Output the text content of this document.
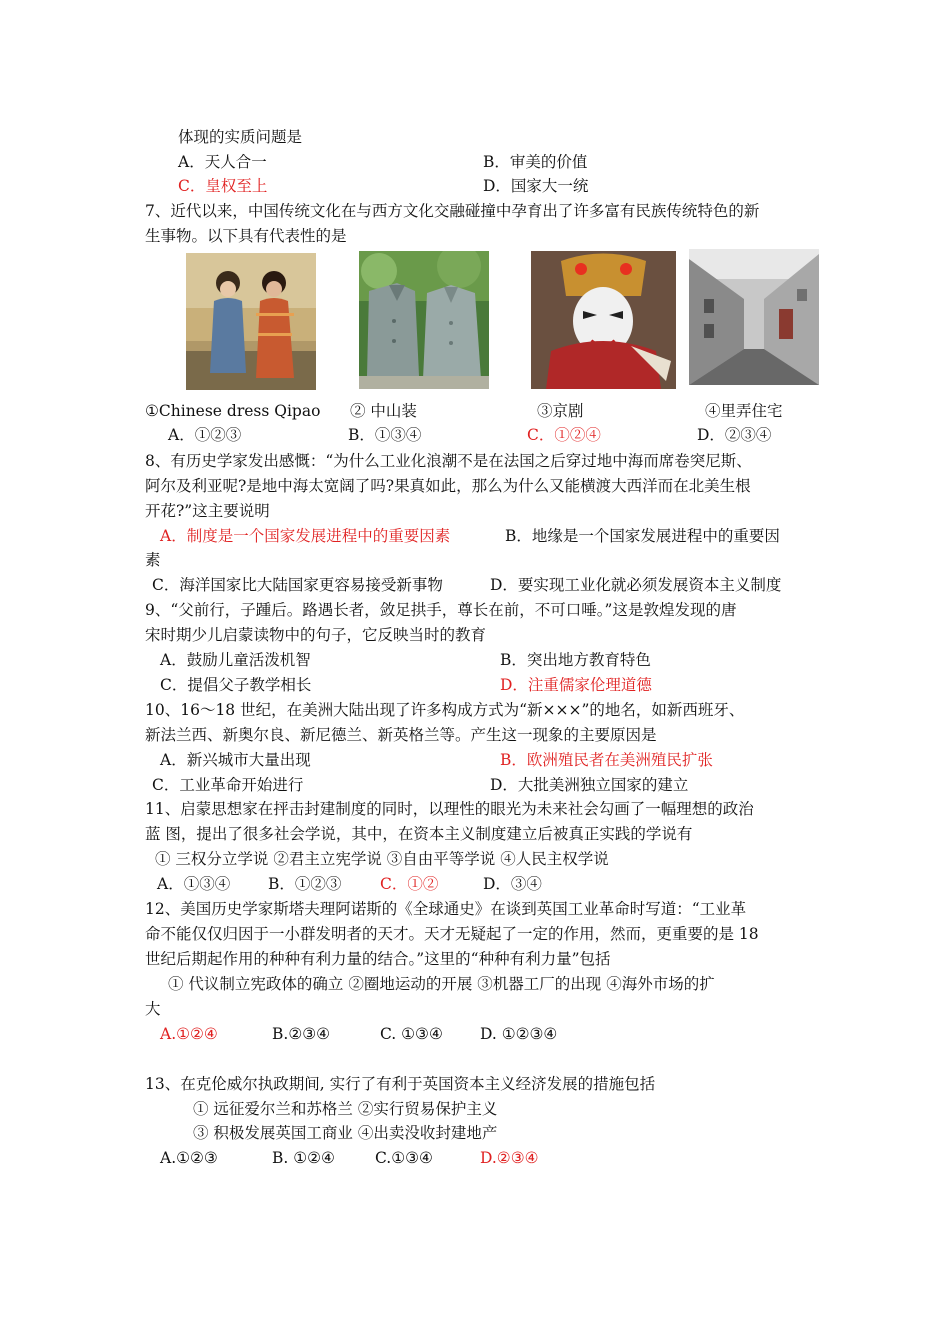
体现的实质问题是
A．天人合一	B．审美的价值
C．皇权至上	D．国家大一统
7、近代以来，中国传统文化在与西方文化交融碰撞中孕育出了许多富有民族传统特色的新
生事物。以下具有代表性的是
①Chinese dress Qipao ② 中山装	③京剧	④里弄住宅
A．①②③	B．①③④	C．①②④	D．②③④
8、有历史学家发出感慨：“为什么工业化浪潮不是在法国之后穿过地中海而席卷突尼斯、
阿尔及利亚呢?是地中海太宽阔了吗?果真如此，那么为什么又能横渡大西洋而在北美生根
开花?”这主要说明
A．制度是一个国家发展进程中的重要因素	B．地缘是一个国家发展进程中的重要因
素
C．海洋国家比大陆国家更容易接受新事物	D．要实现工业化就必须发展资本主义制度
9、“父前行，子踵后。路遇长者，敛足拱手，尊长在前，不可口唾。”这是敦煌发现的唐
宋时期少儿启蒙读物中的句子，它反映当时的教育
A．鼓励儿童活泼机智	B．突出地方教育特色
C．提倡父子教学相长	D．注重儒家伦理道德
10、16～18 世纪，在美洲大陆出现了许多构成方式为“新×××”的地名，如新西班牙、
新法兰西、新奥尔良、新尼德兰、新英格兰等。产生这一现象的主要原因是
A．新兴城市大量出现	B．欧洲殖民者在美洲殖民扩张
C．工业革命开始进行	D．大批美洲独立国家的建立
11、启蒙思想家在抨击封建制度的同时，以理性的眼光为未来社会勾画了一幅理想的政治
蓝 图，提出了很多社会学说，其中，在资本主义制度建立后被真正实践的学说有
① 三权分立学说 ②君主立宪学说 ③自由平等学说 ④人民主权学说
A．①③④ B．①②③ C．①②	D．③④
12、美国历史学家斯塔夫理阿诺斯的《全球通史》在谈到英国工业革命时写道：“工业革
命不能仅仅归因于一小群发明者的天才。天才无疑起了一定的作用，然而，更重要的是 18
世纪后期起作用的种种有利力量的结合。”这里的“种种有利力量”包括
① 代议制立宪政体的确立 ②圈地运动的开展 ③机器工厂的出现 ④海外市场的扩
大
A.①②④	B.②③④	C. ①③④ D. ①②③④
13、在克伦威尔执政期间, 实行了有利于英国资本主义经济发展的措施包括
① 远征爱尔兰和苏格兰 ②实行贸易保护主义
③ 积极发展英国工商业 ④出卖没收封建地产
A.①②③	B. ①②④	C.①③④	D.②③④
